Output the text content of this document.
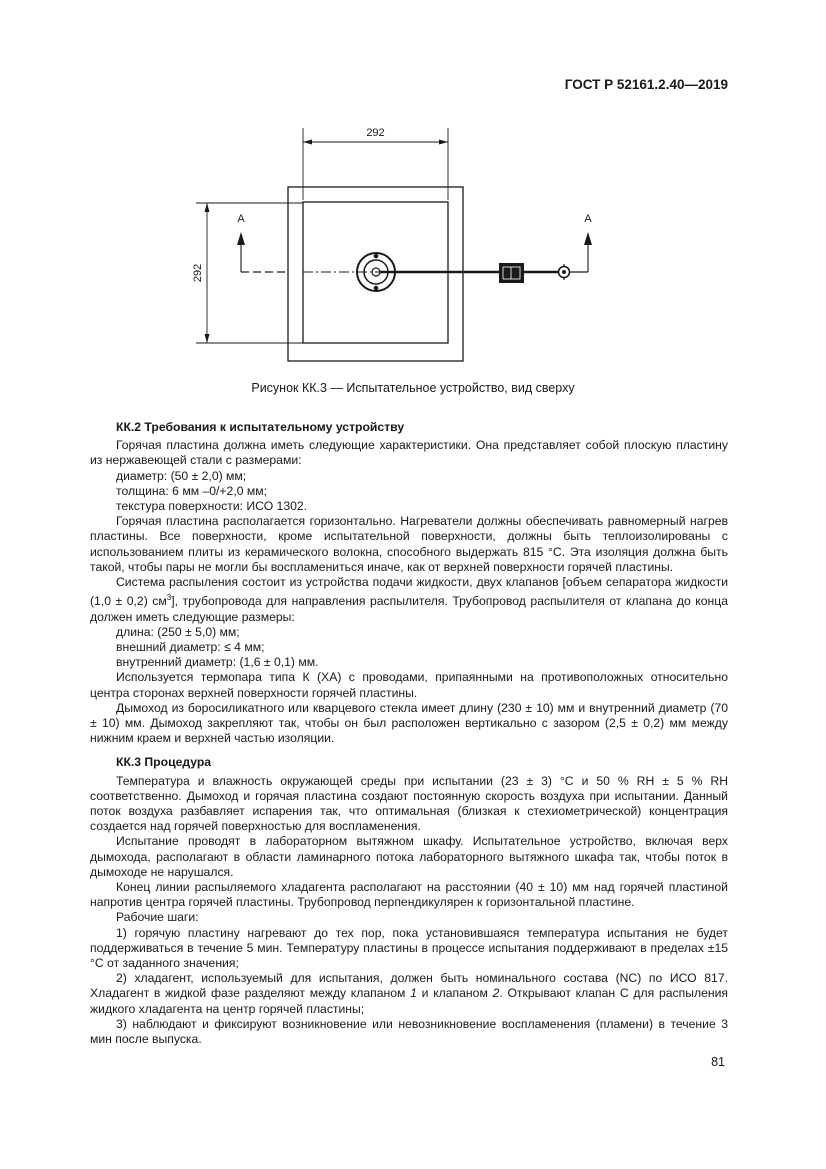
ГОСТ Р 52161.2.40—2019
292
292
A	A
Рисунок КК.3 — Испытательное устройство, вид сверху
КК.2 Требования к испытательному устройству

Горячая пластина должна иметь следующие характеристики. Она представляет собой плоскую пластину из нержавеющей стали с размерами:

диаметр: (50 ± 2,0) мм;

толщина: 6 мм –0/+2,0 мм;

текстура поверхности: ИСО 1302.

Горячая пластина располагается горизонтально. Нагреватели должны обеспечивать равномерный нагрев пластины. Все поверхности, кроме испытательной поверхности, должны быть теплоизолированы с использованием плиты из керамического волокна, способного выдержать 815 °С. Эта изоляция должна быть такой, чтобы пары не могли бы воспламениться иначе, как от верхней поверхности горячей пластины.

Система распыления состоит из устройства подачи жидкости, двух клапанов [объем сепаратора жидкости (1,0 ± 0,2) $см^3$], трубопровода для направления распылителя. Трубопровод распылителя от клапана до конца должен иметь следующие размеры:

длина: (250 ± 5,0) мм;

внешний диаметр: ≤ 4 мм;

внутренний диаметр: (1,6 ± 0,1) мм.

Используется термопара типа К (ХА) с проводами, припаянными на противоположных относительно центра сторонах верхней поверхности горячей пластины.

Дымоход из боросиликатного или кварцевого стекла имеет длину (230 ± 10) мм и внутренний диаметр (70 ± 10) мм. Дымоход закрепляют так, чтобы он был расположен вертикально с зазором (2,5 ± 0,2) мм между нижним краем и верхней частью изоляции.

КК.3 Процедура

Температура и влажность окружающей среды при испытании (23 ± 3) °С и 50 % RH ± 5 % RH соответственно. Дымоход и горячая пластина создают постоянную скорость воздуха при испытании. Данный поток воздуха разбавляет испарения так, что оптимальная (близкая к стехиометрической) концентрация создается над горячей поверхностью для воспламенения.

Испытание проводят в лабораторном вытяжном шкафу. Испытательное устройство, включая верх дымохода, располагают в области ламинарного потока лабораторного вытяжного шкафа так, чтобы поток в дымоходе не нарушался.

Конец линии распыляемого хладагента располагают на расстоянии (40 ± 10) мм над горячей пластиной напротив центра горячей пластины. Трубопровод перпендикулярен к горизонтальной пластине.

Рабочие шаги:

1) горячую пластину нагревают до тех пор, пока установившаяся температура испытания не будет поддерживаться в течение 5 мин. Температуру пластины в процессе испытания поддерживают в пределах ±15 °С от заданного значения;

2) хладагент, используемый для испытания, должен быть номинального состава (NC) по ИСО 817. Хладагент в жидкой фазе разделяют между клапаном 1 и клапаном 2. Открывают клапан С для распыления жидкого хладагента на центр горячей пластины;

3) наблюдают и фиксируют возникновение или невозникновение воспламенения (пламени) в течение 3 мин после выпуска.

81
